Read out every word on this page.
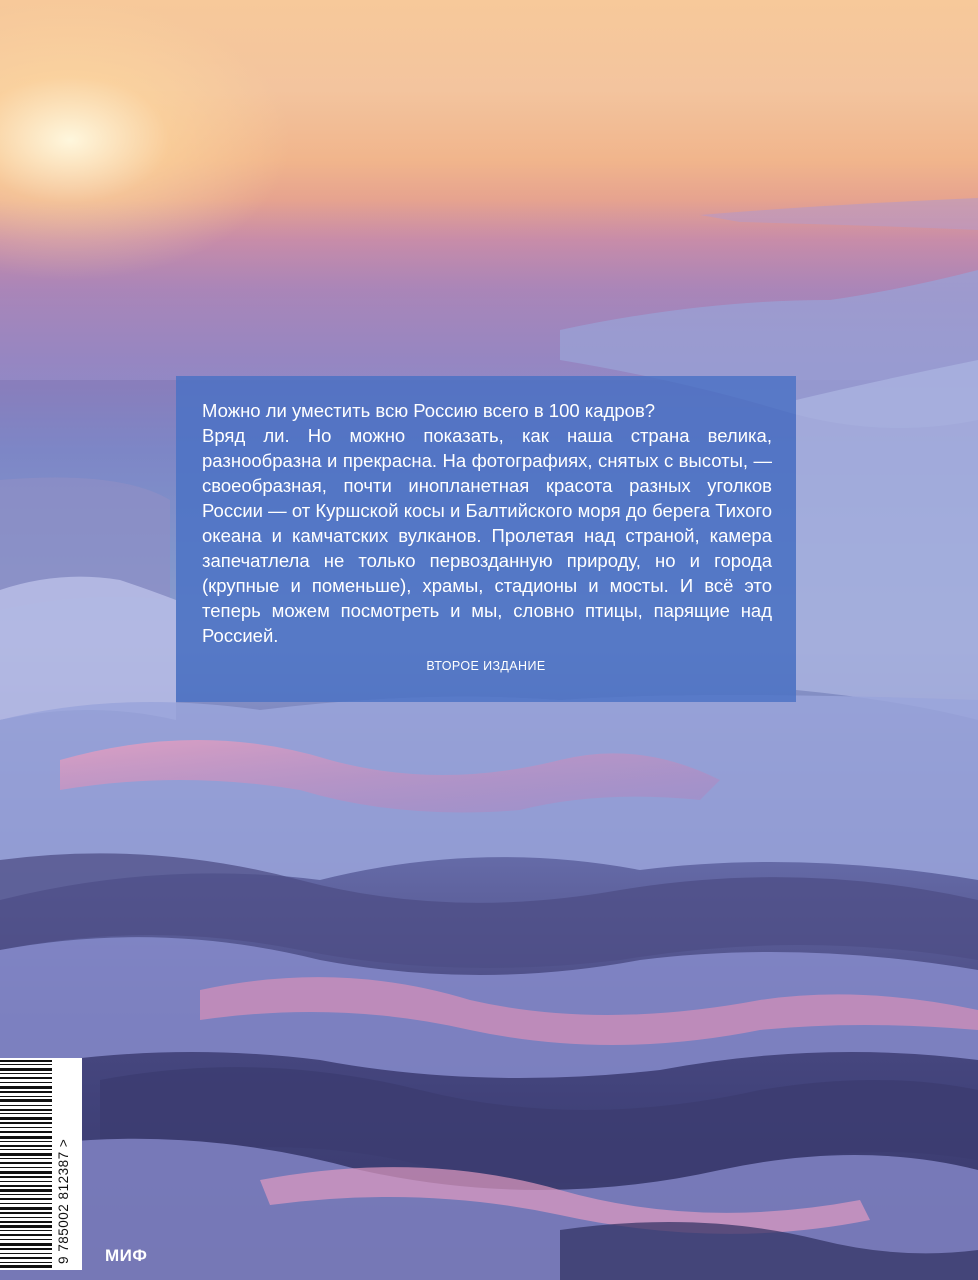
Можно ли уместить всю Россию всего в 100 кадров?

Вряд ли. Но можно показать, как наша страна велика, разнообразна и прекрасна. На фотографиях, снятых с высоты, — своеобразная, почти инопланетная красота разных уголков России — от Куршской косы и Балтийского моря до берега Тихого океана и камчатских вулканов. Пролетая над страной, камера запечатлела не только первозданную природу, но и города (крупные и поменьше), храмы, стадионы и мосты. И всё это теперь можем посмотреть и мы, словно птицы, парящие над Россией.

ВТОРОЕ ИЗДАНИЕ
9 785002 812387 > МИФ
